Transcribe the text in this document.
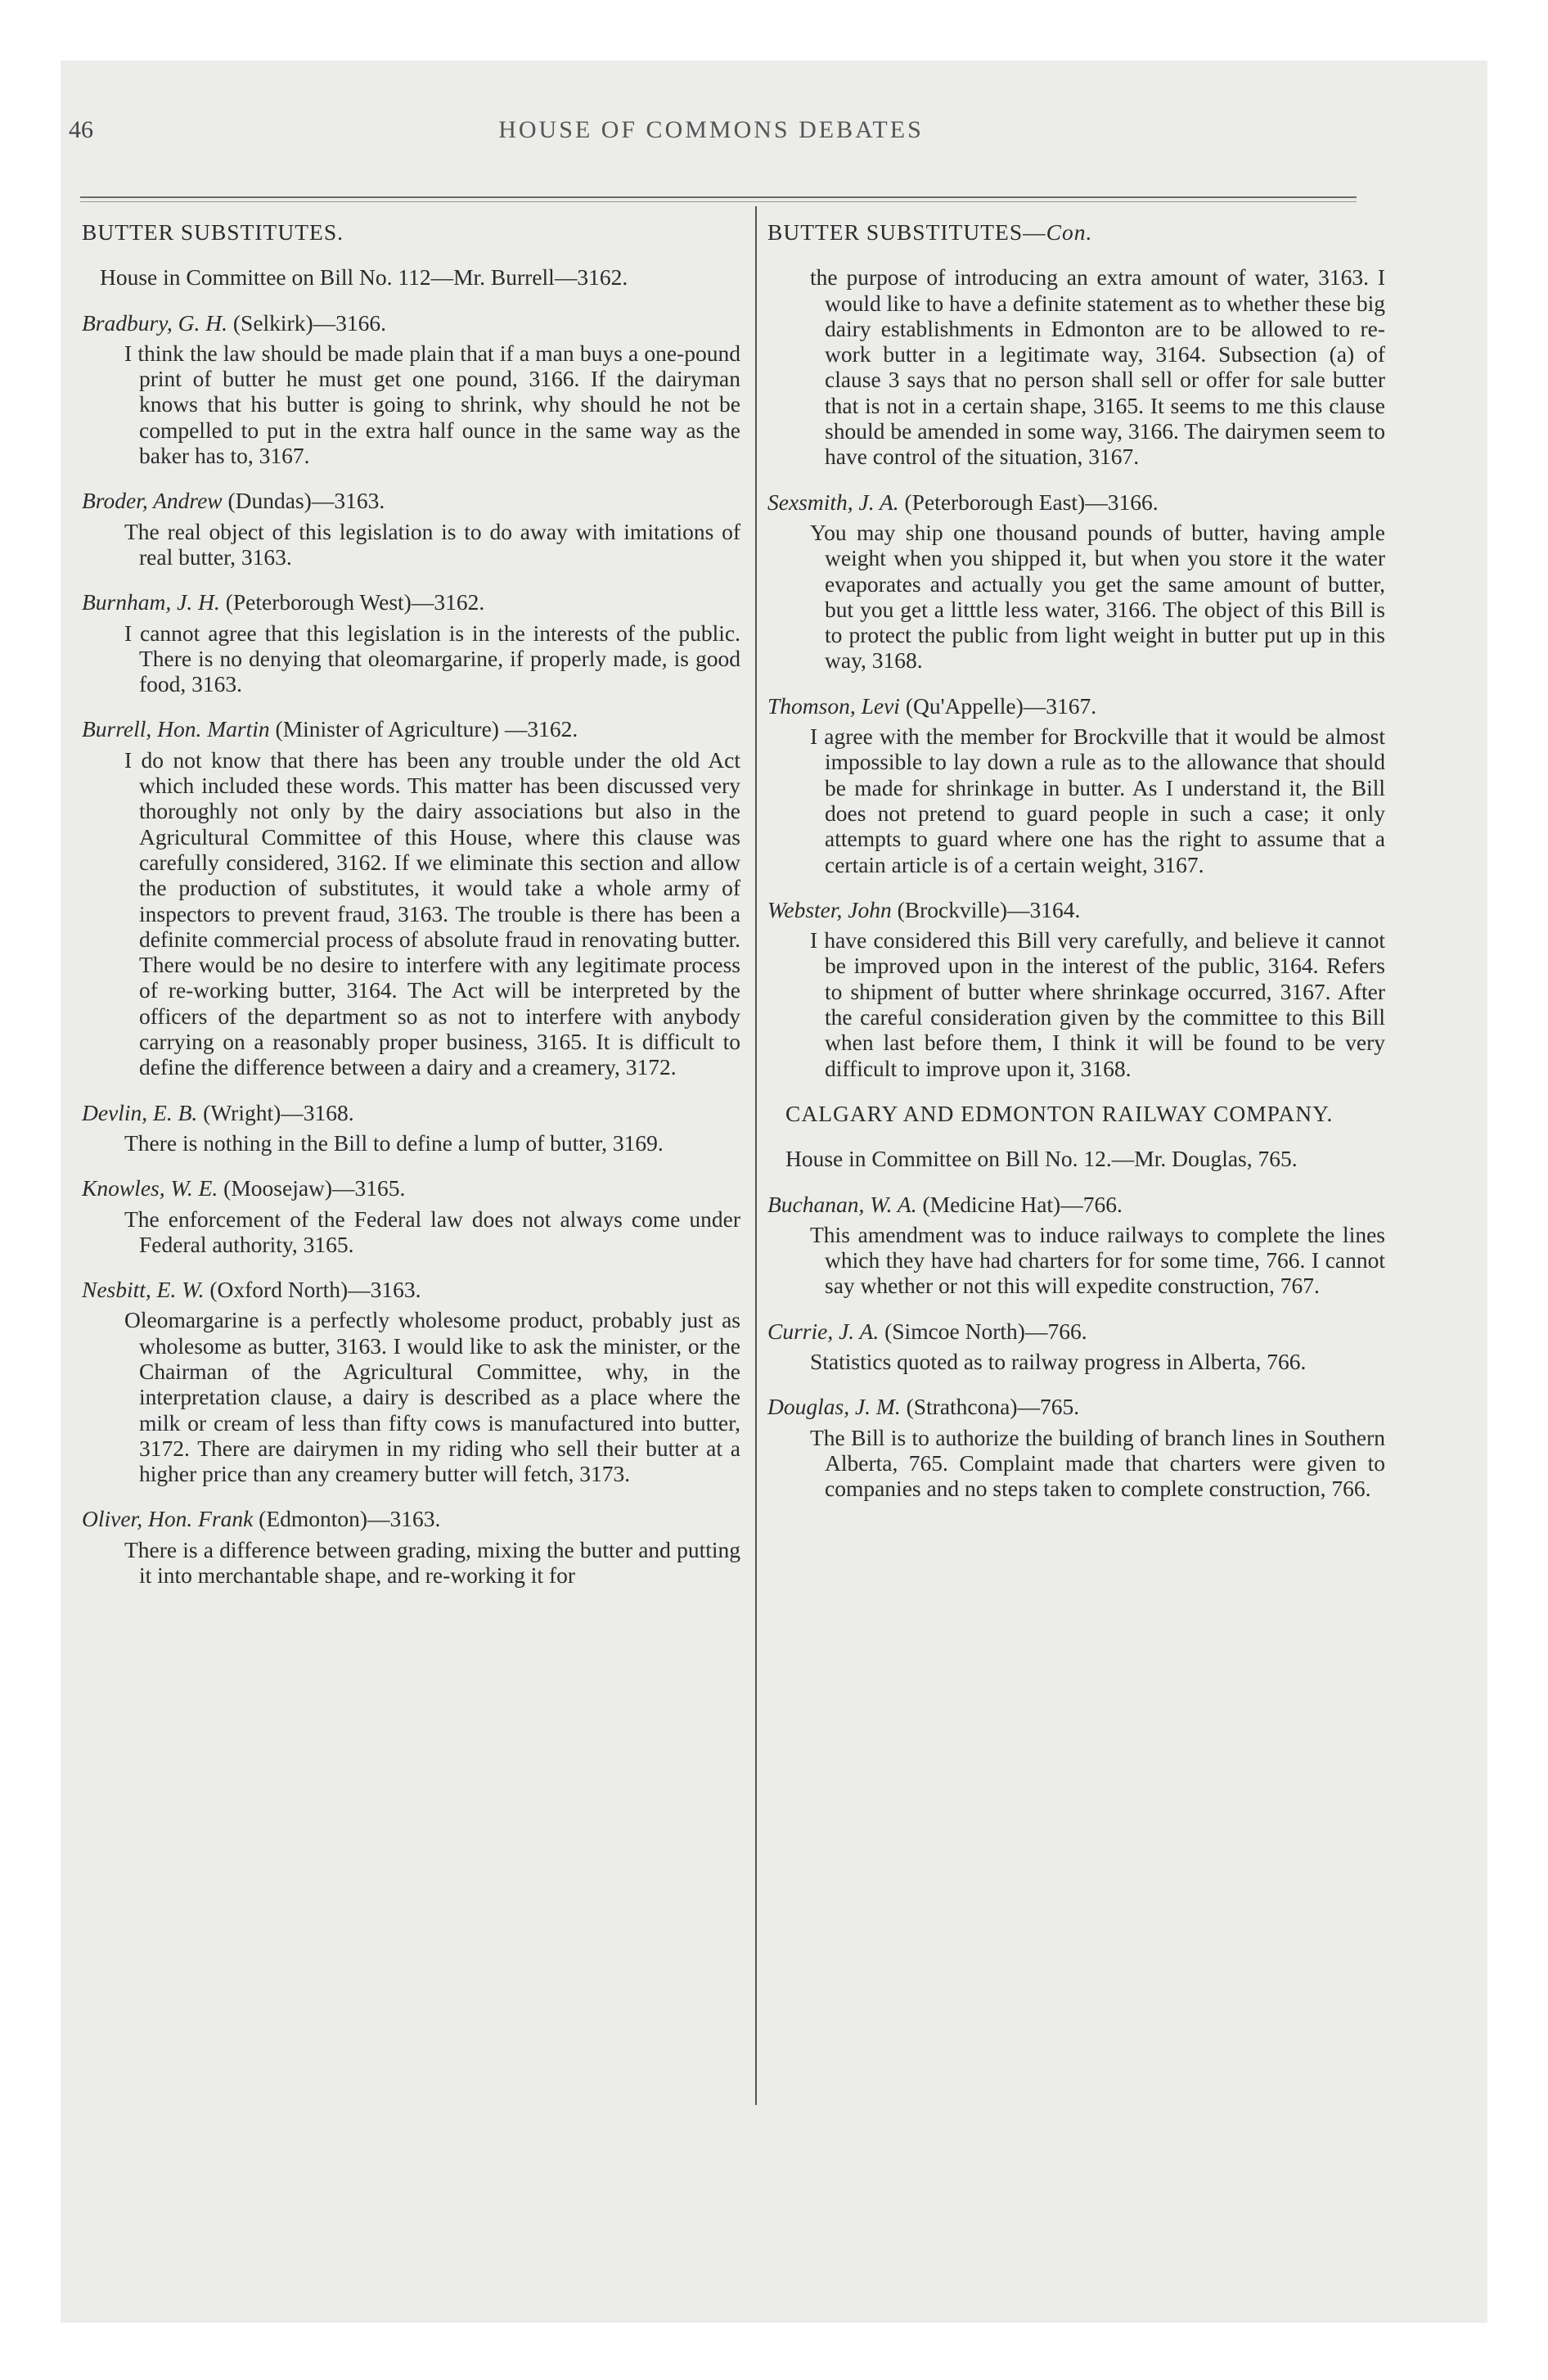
46	HOUSE OF COMMONS DEBATES
BUTTER SUBSTITUTES.

House in Committee on Bill No. 112—Mr. Burrell—3162.

Bradbury, G. H. (Selkirk)—3166.

I think the law should be made plain that if a man buys a one-pound print of butter he must get one pound, 3166. If the dairyman knows that his butter is going to shrink, why should he not be compelled to put in the extra half ounce in the same way as the baker has to, 3167.

Broder, Andrew (Dundas)—3163.

The real object of this legislation is to do away with imitations of real butter, 3163.

Burnham, J. H. (Peterborough West)—3162.

I cannot agree that this legislation is in the interests of the public. There is no denying that oleomargarine, if properly made, is good food, 3163.

Burrell, Hon. Martin (Minister of Agriculture) —3162.

I do not know that there has been any trouble under the old Act which included these words. This matter has been discussed very thoroughly not only by the dairy associations but also in the Agricultural Committee of this House, where this clause was carefully considered, 3162. If we eliminate this section and allow the production of substitutes, it would take a whole army of inspectors to prevent fraud, 3163. The trouble is there has been a definite commercial process of absolute fraud in renovating butter. There would be no desire to interfere with any legitimate process of re-working butter, 3164. The Act will be interpreted by the officers of the department so as not to interfere with anybody carrying on a reasonably proper business, 3165. It is difficult to define the difference between a dairy and a creamery, 3172.

Devlin, E. B. (Wright)—3168.

There is nothing in the Bill to define a lump of butter, 3169.

Knowles, W. E. (Moosejaw)—3165.

The enforcement of the Federal law does not always come under Federal authority, 3165.

Nesbitt, E. W. (Oxford North)—3163.

Oleomargarine is a perfectly wholesome product, probably just as wholesome as butter, 3163. I would like to ask the minister, or the Chairman of the Agricultural Committee, why, in the interpretation clause, a dairy is described as a place where the milk or cream of less than fifty cows is manufactured into butter, 3172. There are dairymen in my riding who sell their butter at a higher price than any creamery butter will fetch, 3173.

Oliver, Hon. Frank (Edmonton)—3163.

There is a difference between grading, mixing the butter and putting it into merchantable shape, and re-working it for

BUTTER SUBSTITUTES—Con.

the purpose of introducing an extra amount of water, 3163. I would like to have a definite statement as to whether these big dairy establishments in Edmonton are to be allowed to re-work butter in a legitimate way, 3164. Subsection (a) of clause 3 says that no person shall sell or offer for sale butter that is not in a certain shape, 3165. It seems to me this clause should be amended in some way, 3166. The dairymen seem to have control of the situation, 3167.

Sexsmith, J. A. (Peterborough East)—3166.

You may ship one thousand pounds of butter, having ample weight when you shipped it, but when you store it the water evaporates and actually you get the same amount of butter, but you get a litttle less water, 3166. The object of this Bill is to protect the public from light weight in butter put up in this way, 3168.

Thomson, Levi (Qu'Appelle)—3167.

I agree with the member for Brockville that it would be almost impossible to lay down a rule as to the allowance that should be made for shrinkage in butter. As I understand it, the Bill does not pretend to guard people in such a case; it only attempts to guard where one has the right to assume that a certain article is of a certain weight, 3167.

Webster, John (Brockville)—3164.

I have considered this Bill very carefully, and believe it cannot be improved upon in the interest of the public, 3164. Refers to shipment of butter where shrinkage occurred, 3167. After the careful consideration given by the committee to this Bill when last before them, I think it will be found to be very difficult to improve upon it, 3168.

CALGARY AND EDMONTON RAILWAY COMPANY.

House in Committee on Bill No. 12.—Mr. Douglas, 765.

Buchanan, W. A. (Medicine Hat)—766.

This amendment was to induce railways to complete the lines which they have had charters for for some time, 766. I cannot say whether or not this will expedite construction, 767.

Currie, J. A. (Simcoe North)—766.

Statistics quoted as to railway progress in Alberta, 766.

Douglas, J. M. (Strathcona)—765.

The Bill is to authorize the building of branch lines in Southern Alberta, 765. Complaint made that charters were given to companies and no steps taken to complete construction, 766.
